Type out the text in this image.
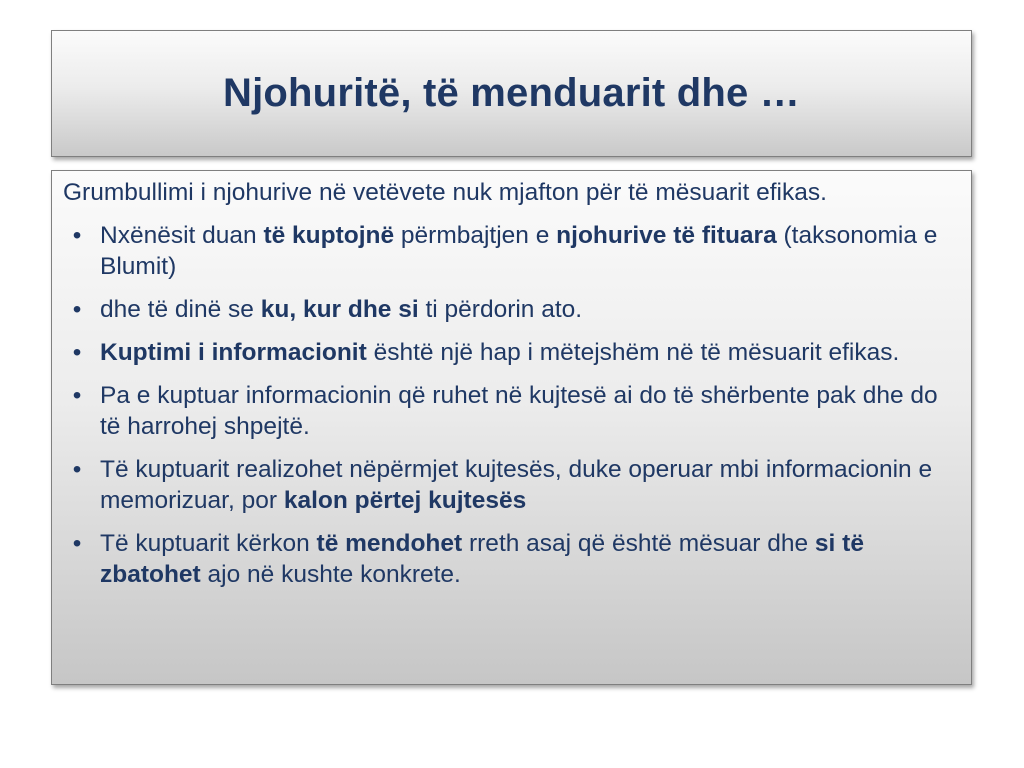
Njohuritë, të menduarit dhe …

Grumbullimi i njohurive në vetëvete nuk mjafton për të mësuarit efikas.

• Nxënësit duan të kuptojnë përmbajtjen e njohurive të fituara (taksonomia e Blumit)
• dhe të dinë se ku, kur dhe si ti përdorin ato.
• Kuptimi i informacionit është një hap i mëtejshëm në të mësuarit efikas.
• Pa e kuptuar informacionin që ruhet në kujtesë ai do të shërbente pak dhe do të harrohej shpejtë.
• Të kuptuarit realizohet nëpërmjet kujtesës, duke operuar mbi informacionin e memorizuar, por kalon përtej kujtesës
• Të kuptuarit kërkon të mendohet rreth asaj që është mësuar dhe si të zbatohet ajo në kushte konkrete.
